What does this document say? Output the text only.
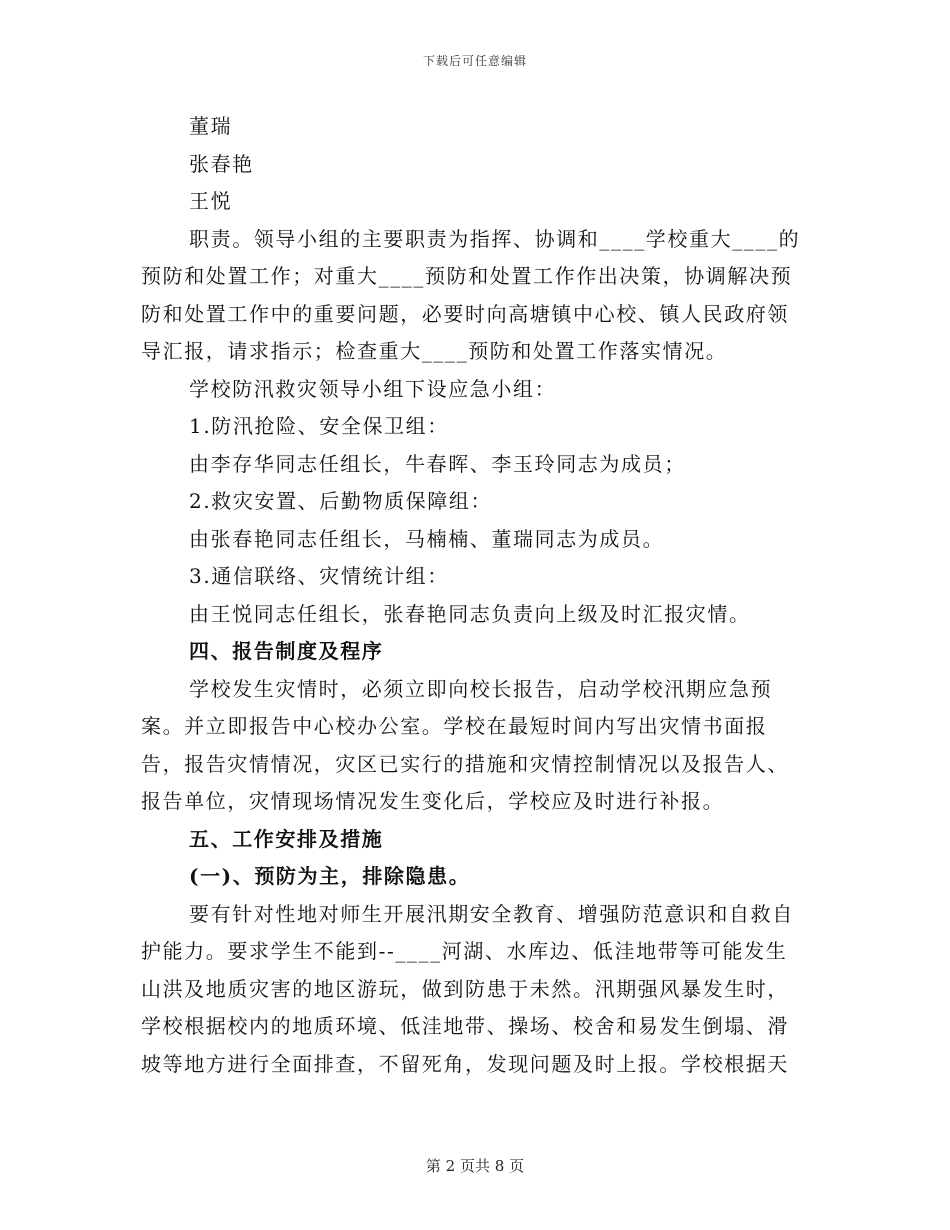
下载后可任意编辑

董瑞

张春艳

王悦

职责。领导小组的主要职责为指挥、协调和____学校重大____的预防和处置工作；对重大____预防和处置工作作出决策，协调解决预防和处置工作中的重要问题，必要时向高塘镇中心校、镇人民政府领导汇报，请求指示；检查重大____预防和处置工作落实情况。

学校防汛救灾领导小组下设应急小组：

1.防汛抢险、安全保卫组：

由李存华同志任组长，牛春晖、李玉玲同志为成员；

2.救灾安置、后勤物质保障组：

由张春艳同志任组长，马楠楠、董瑞同志为成员。

3.通信联络、灾情统计组：

由王悦同志任组长，张春艳同志负责向上级及时汇报灾情。

四、报告制度及程序

学校发生灾情时，必须立即向校长报告，启动学校汛期应急预案。并立即报告中心校办公室。学校在最短时间内写出灾情书面报告，报告灾情情况，灾区已实行的措施和灾情控制情况以及报告人、报告单位，灾情现场情况发生变化后，学校应及时进行补报。

五、工作安排及措施

(一)、预防为主，排除隐患。

要有针对性地对师生开展汛期安全教育、增强防范意识和自救自护能力。要求学生不能到--____河湖、水库边、低洼地带等可能发生山洪及地质灾害的地区游玩，做到防患于未然。汛期强风暴发生时，学校根据校内的地质环境、低洼地带、操场、校舍和易发生倒塌、滑坡等地方进行全面排查，不留死角，发现问题及时上报。学校根据天

第 2 页共 8 页
